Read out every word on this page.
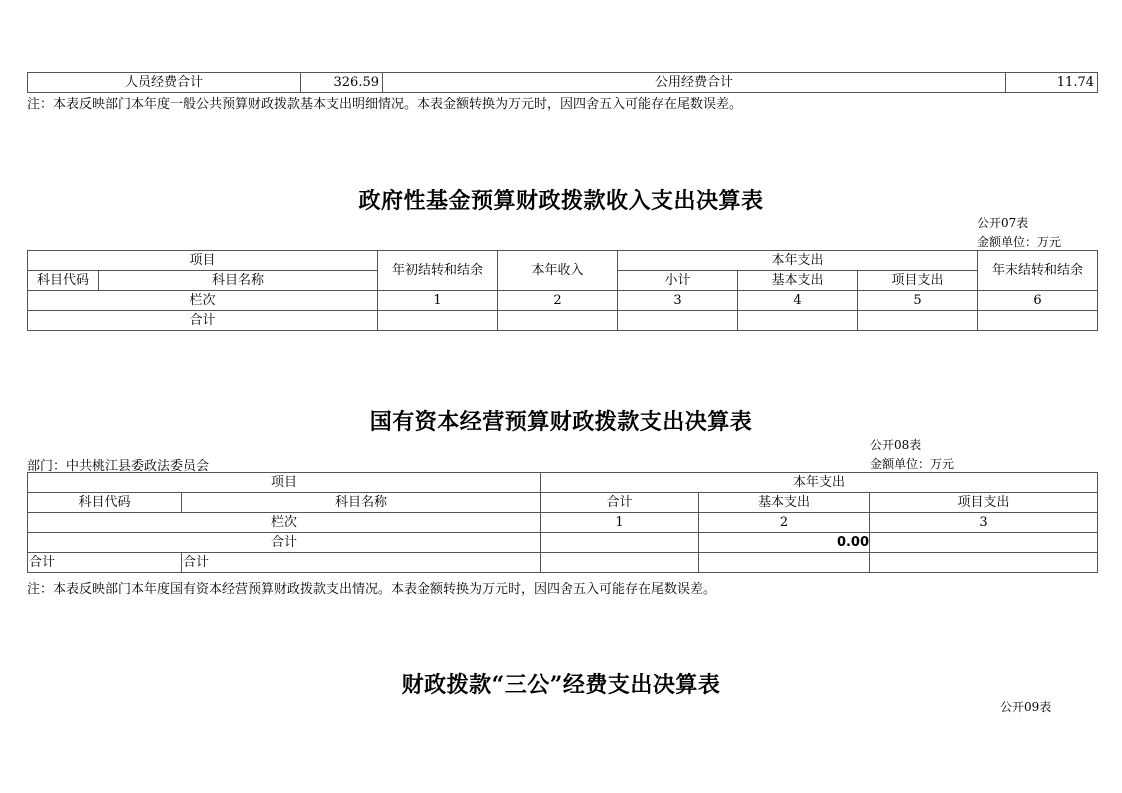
人员经费合计	326.59	公用经费合计	11.74
注：本表反映部门本年度一般公共预算财政拨款基本支出明细情况。本表金额转换为万元时，因四舍五入可能存在尾数误差。
政府性基金预算财政拨款收入支出决算表
公开07表
金额单位：万元
项目		年初结转和结余	本年收入	本年支出			年末结转和结余
科目代码	科目名称			小计	基本支出	项目支出	
栏次		1	2	3	4	5	6
合计							
国有资本经营预算财政拨款支出决算表
公开08表
部门：中共桃江县委政法委员会	金额单位：万元
项目		本年支出		
科目代码	科目名称	合计	基本支出	项目支出
栏次		1	2	3
合计			0.00	
合计	合计			
注：本表反映部门本年度国有资本经营预算财政拨款支出情况。本表金额转换为万元时，因四舍五入可能存在尾数误差。
财政拨款“三公”经费支出决算表
公开09表
